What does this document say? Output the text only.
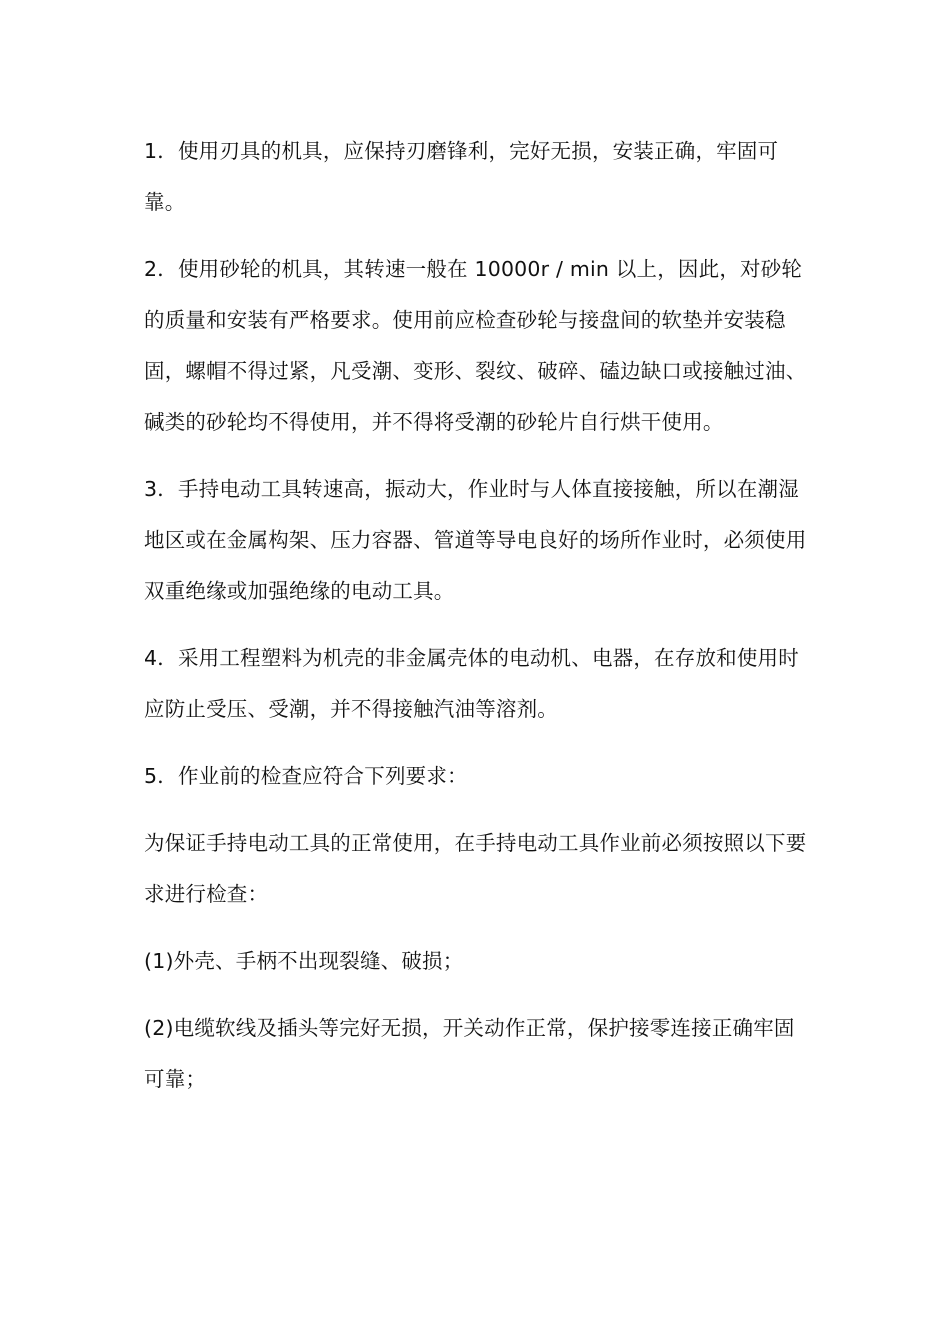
1．使用刃具的机具，应保持刃磨锋利，完好无损，安装正确，牢固可靠。

2．使用砂轮的机具，其转速一般在 10000r / min 以上，因此，对砂轮的质量和安装有严格要求。使用前应检查砂轮与接盘间的软垫并安装稳固，螺帽不得过紧，凡受潮、变形、裂纹、破碎、磕边缺口或接触过油、碱类的砂轮均不得使用，并不得将受潮的砂轮片自行烘干使用。

3．手持电动工具转速高，振动大，作业时与人体直接接触，所以在潮湿地区或在金属构架、压力容器、管道等导电良好的场所作业时，必须使用双重绝缘或加强绝缘的电动工具。

4．采用工程塑料为机壳的非金属壳体的电动机、电器，在存放和使用时应防止受压、受潮，并不得接触汽油等溶剂。

5．作业前的检查应符合下列要求：

为保证手持电动工具的正常使用，在手持电动工具作业前必须按照以下要求进行检查：

(1)外壳、手柄不出现裂缝、破损；

(2)电缆软线及插头等完好无损，开关动作正常，保护接零连接正确牢固可靠；
